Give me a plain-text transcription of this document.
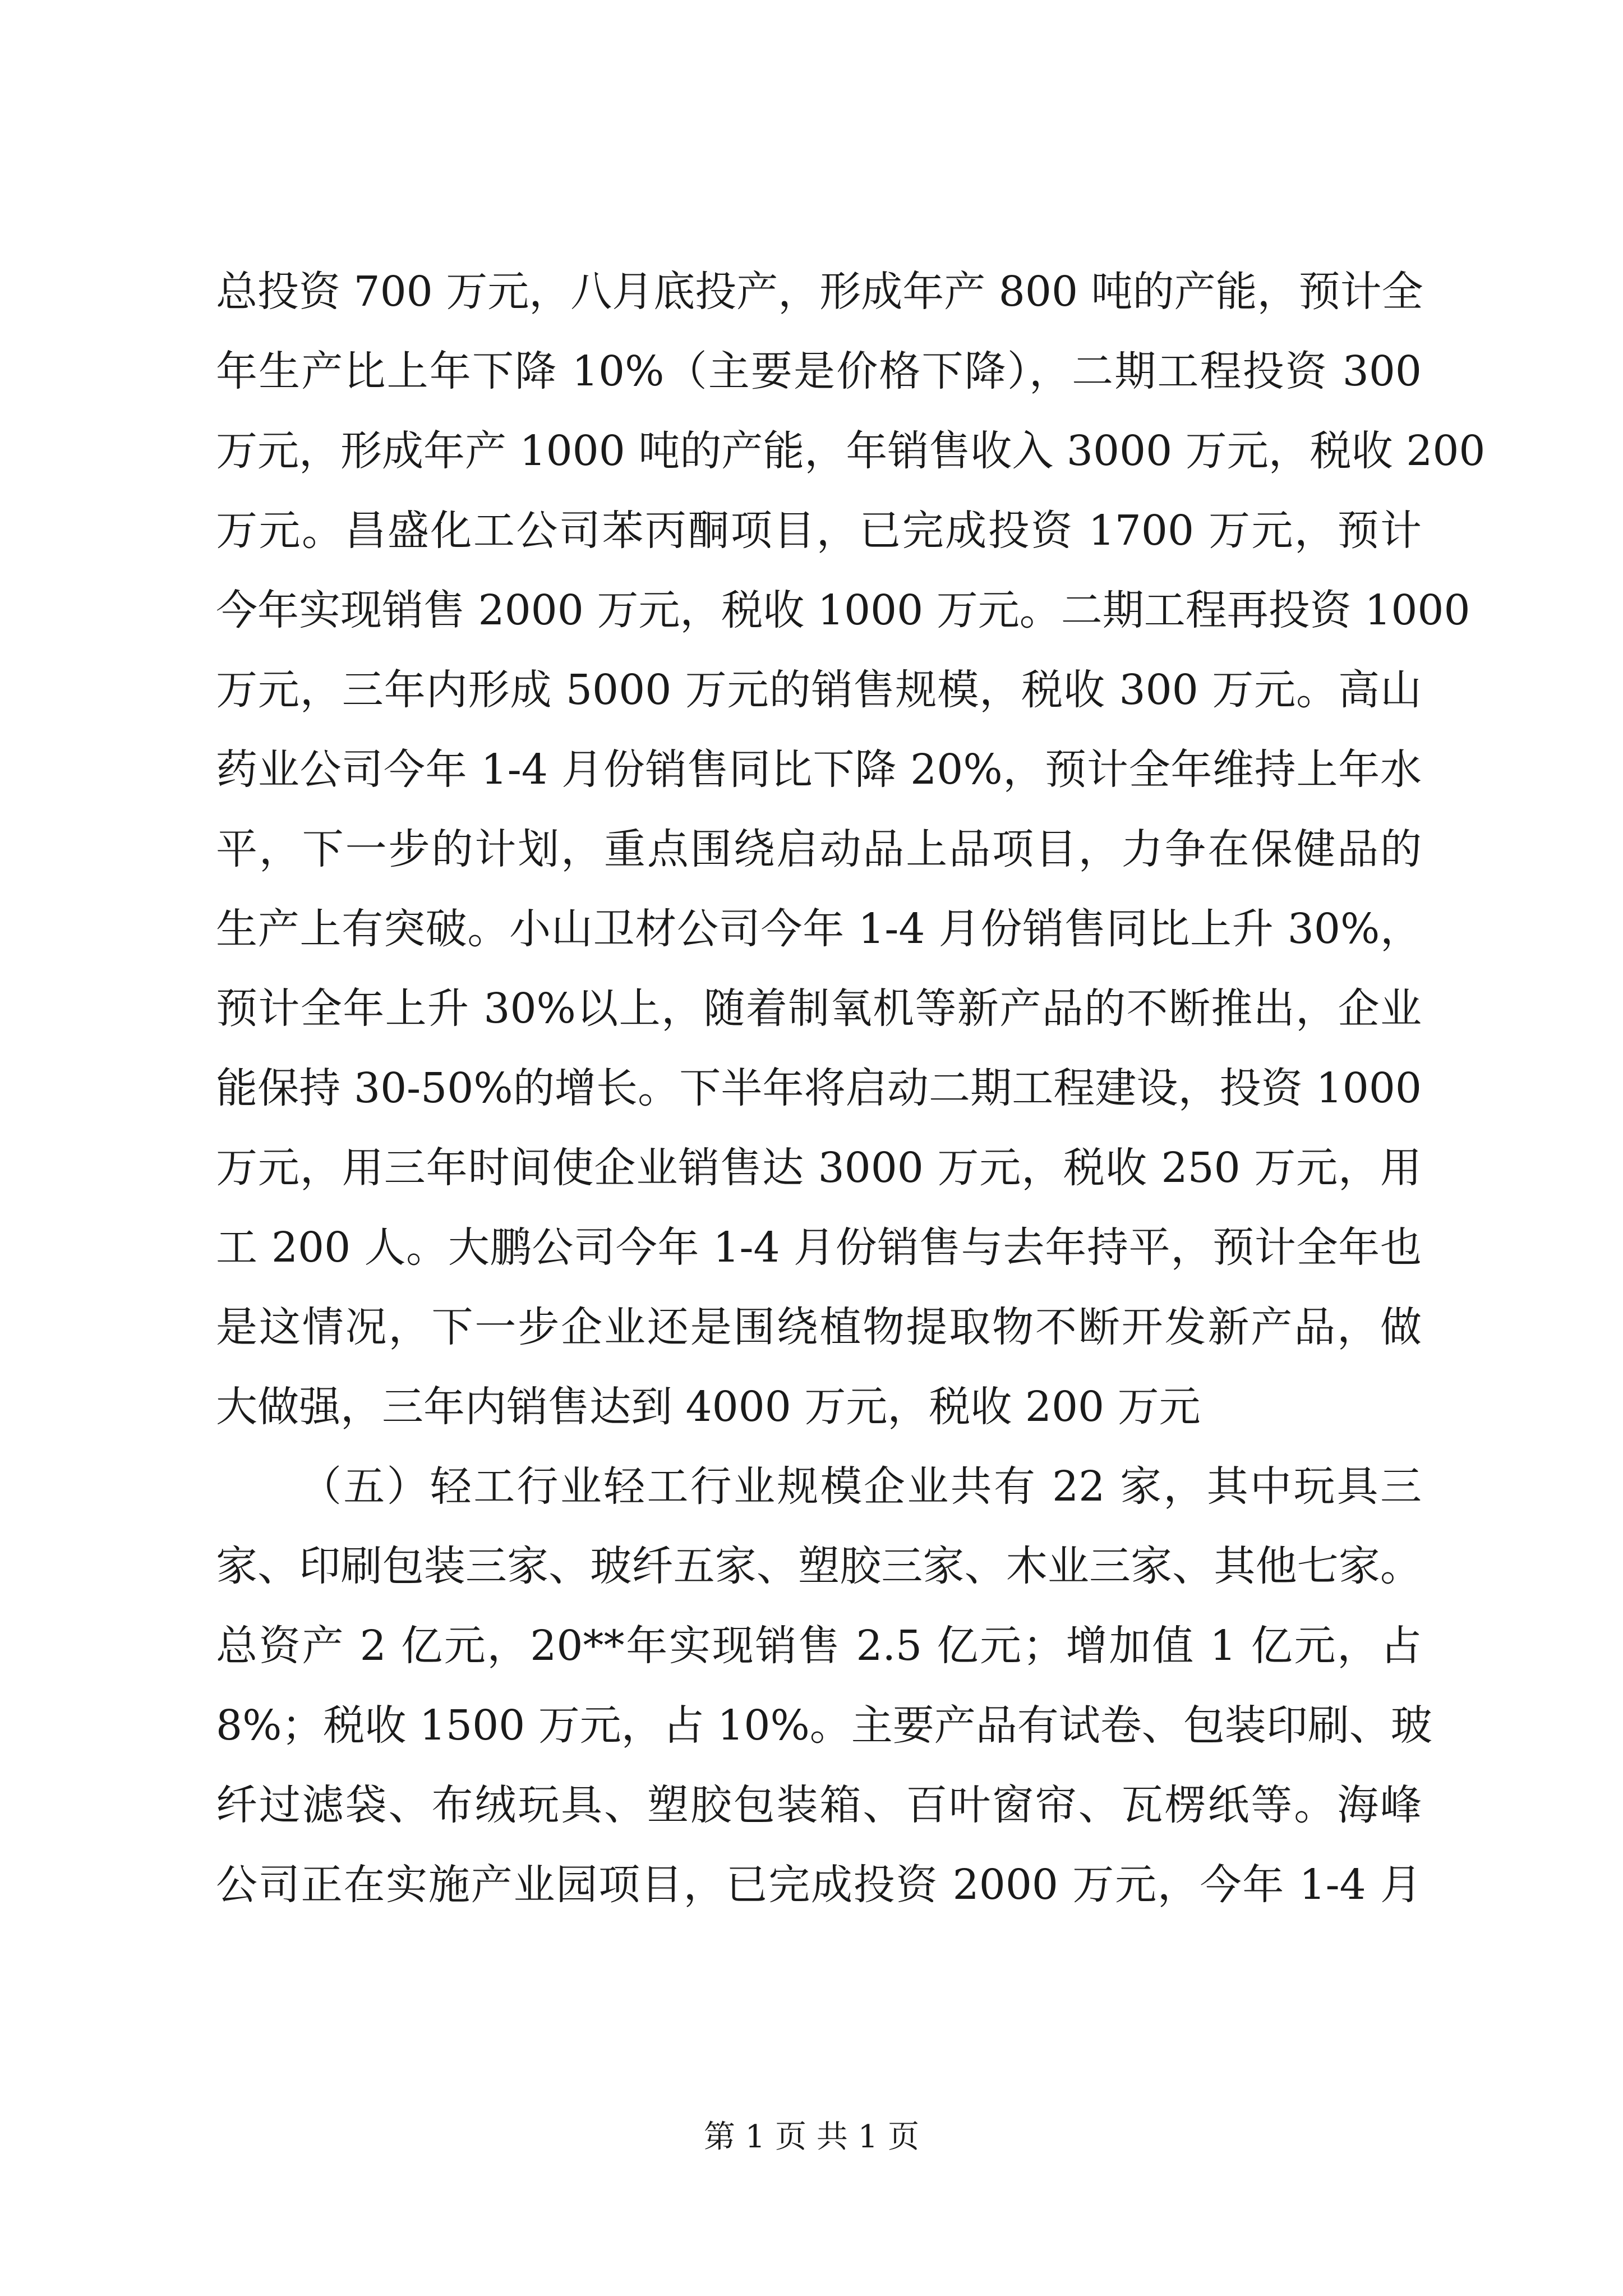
总投资 700 万元，八月底投产，形成年产 800 吨的产能，预计全
年生产比上年下降 10%（主要是价格下降），二期工程投资 300
万元，形成年产 1000 吨的产能，年销售收入 3000 万元，税收 200
万元。昌盛化工公司苯丙酮项目，已完成投资 1700 万元，预计
今年实现销售 2000 万元，税收 1000 万元。二期工程再投资 1000
万元，三年内形成 5000 万元的销售规模，税收 300 万元。高山
药业公司今年 1-4 月份销售同比下降 20%，预计全年维持上年水
平，下一步的计划，重点围绕启动品上品项目，力争在保健品的
生产上有突破。小山卫材公司今年 1-4 月份销售同比上升 30%，
预计全年上升 30%以上，随着制氧机等新产品的不断推出，企业
能保持 30-50%的增长。下半年将启动二期工程建设，投资 1000
万元，用三年时间使企业销售达 3000 万元，税收 250 万元，用
工 200 人。大鹏公司今年 1-4 月份销售与去年持平，预计全年也
是这情况，下一步企业还是围绕植物提取物不断开发新产品，做
大做强，三年内销售达到 4000 万元，税收 200 万元
（五）轻工行业轻工行业规模企业共有 22 家，其中玩具三
家、印刷包装三家、玻纤五家、塑胶三家、木业三家、其他七家。
总资产 2 亿元，20**年实现销售 2.5 亿元；增加值 1 亿元，占
8%；税收 1500 万元，占 10%。主要产品有试卷、包装印刷、玻
纤过滤袋、布绒玩具、塑胶包装箱、百叶窗帘、瓦楞纸等。海峰
公司正在实施产业园项目，已完成投资 2000 万元，今年 1-4 月
第 1 页 共 1 页
